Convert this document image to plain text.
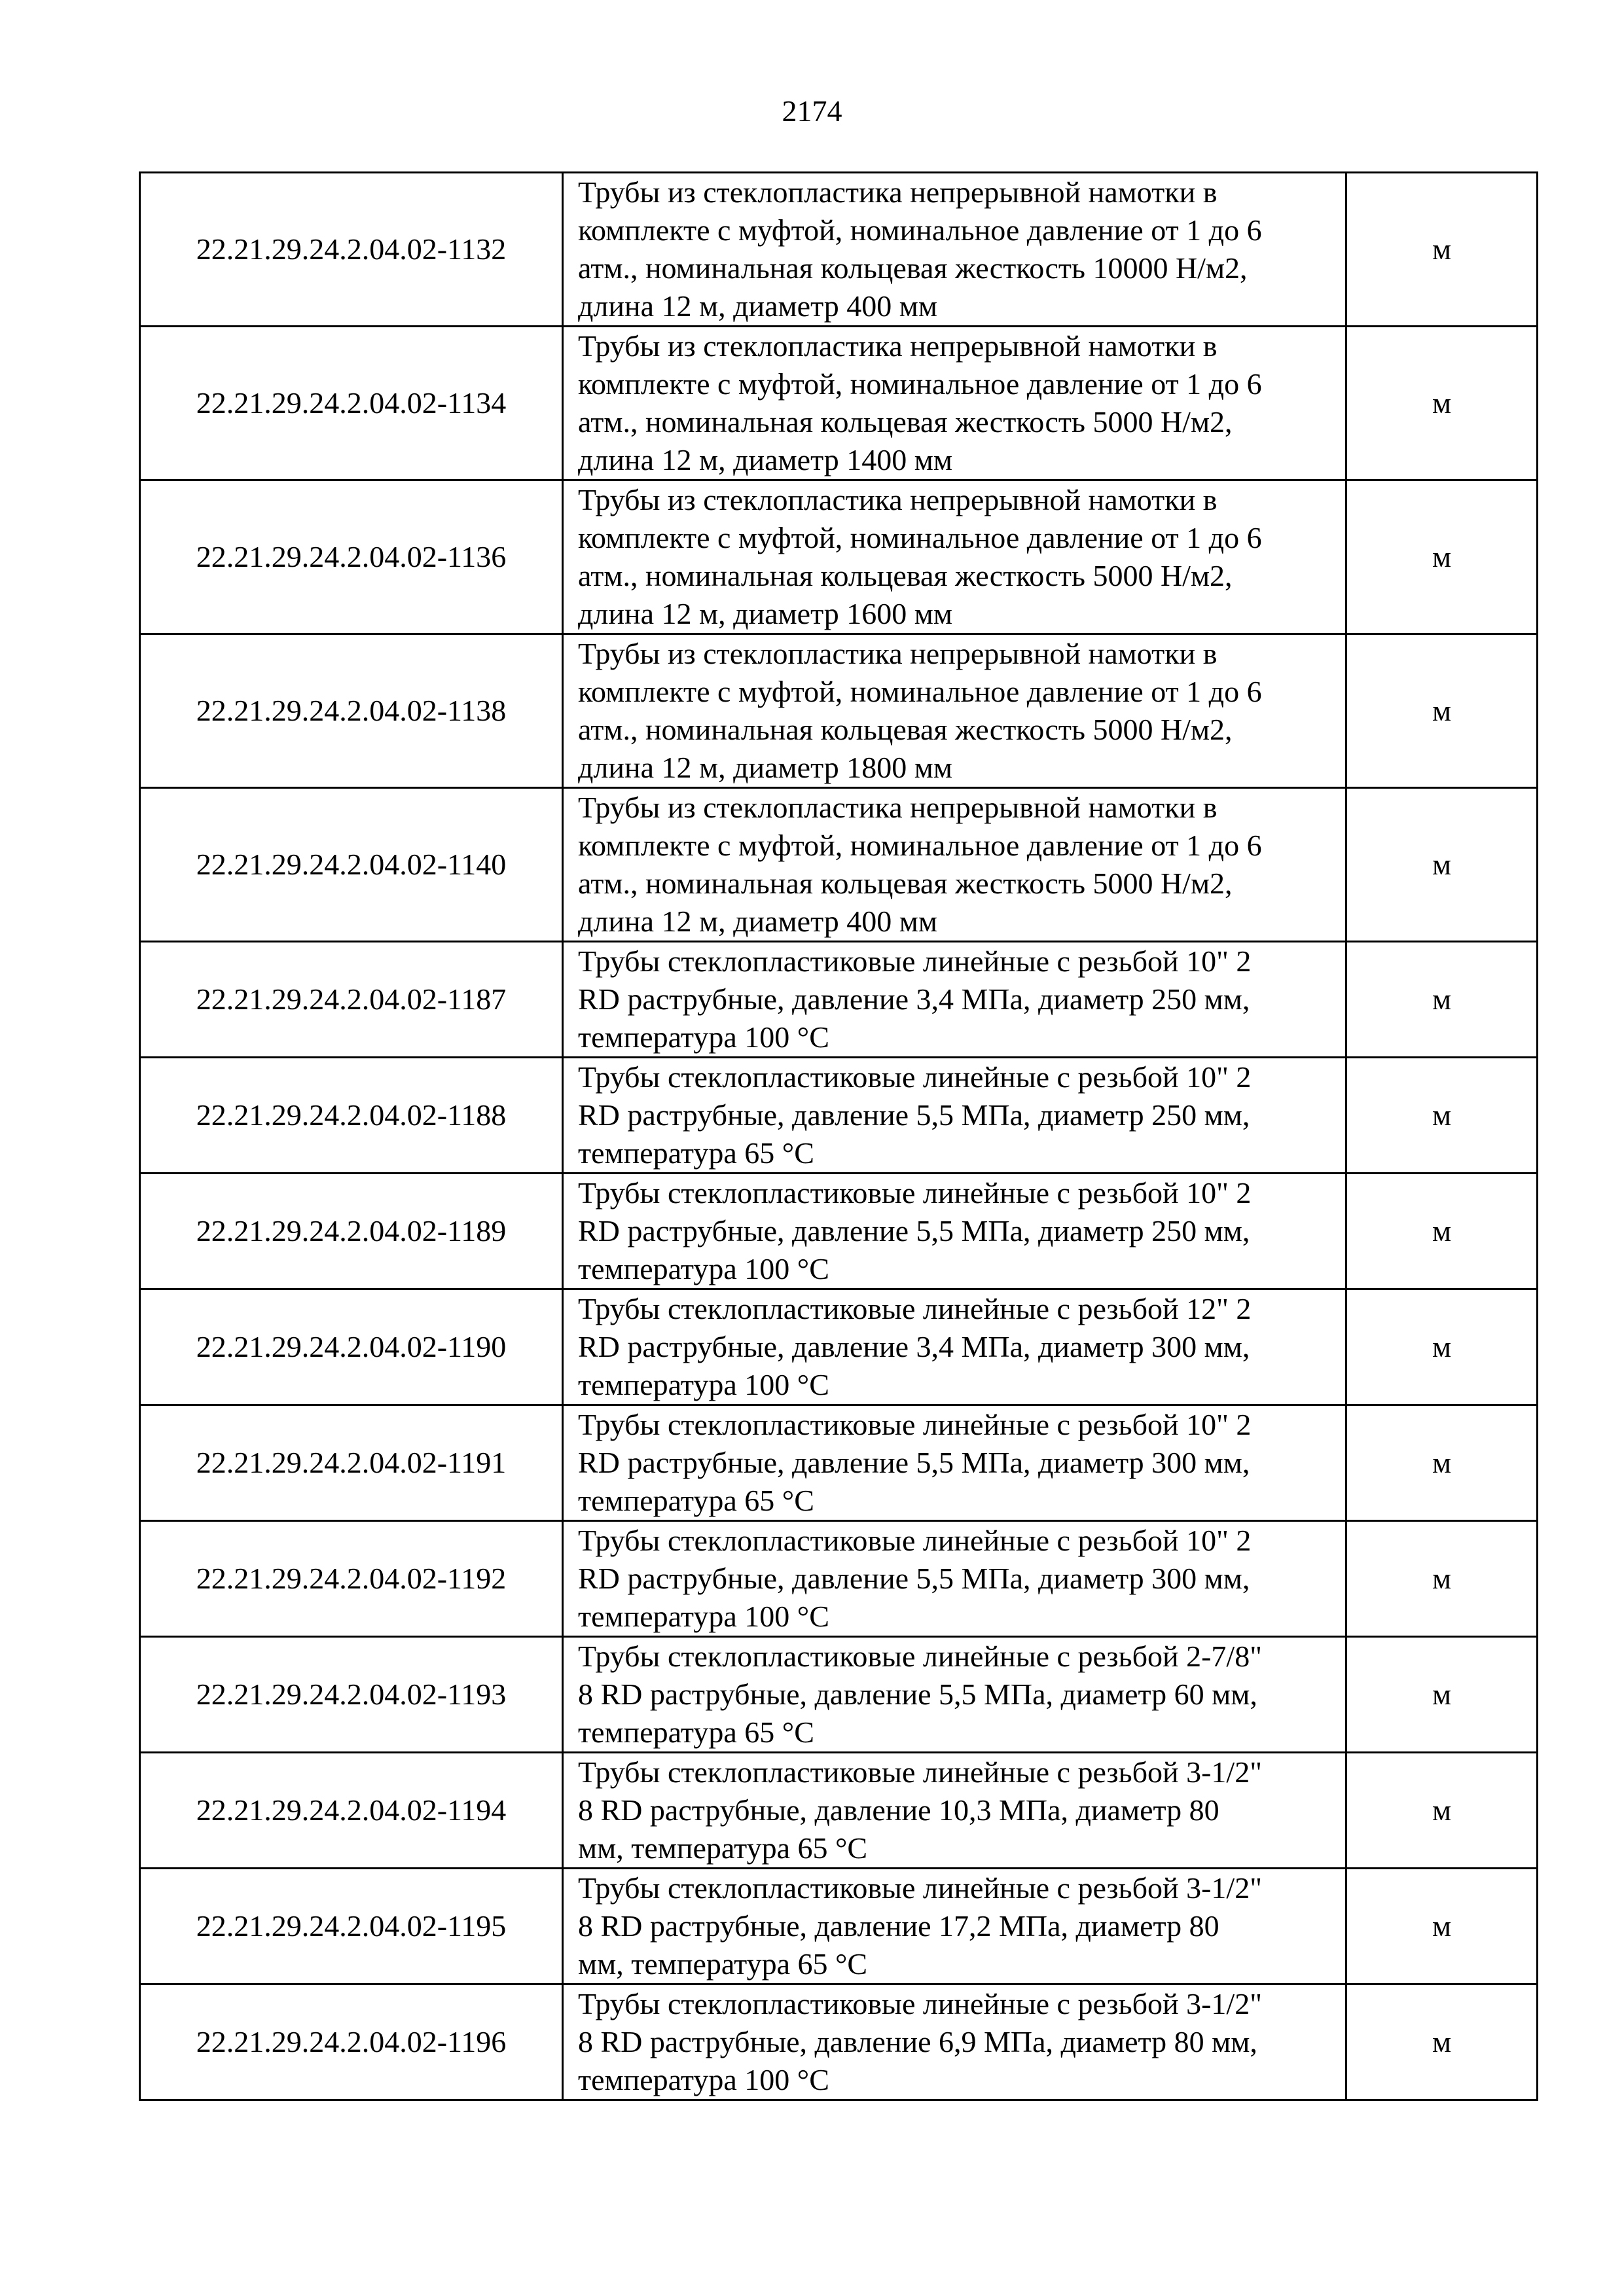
2174
22.21.29.24.2.04.02-1132	Трубы из стеклопластика непрерывной намотки в
комплекте с муфтой, номинальное давление от 1 до 6
атм., номинальная кольцевая жесткость 10000 Н/м2,
длина 12 м, диаметр 400 мм	м
22.21.29.24.2.04.02-1134	Трубы из стеклопластика непрерывной намотки в
комплекте с муфтой, номинальное давление от 1 до 6
атм., номинальная кольцевая жесткость 5000 Н/м2,
длина 12 м, диаметр 1400 мм	м
22.21.29.24.2.04.02-1136	Трубы из стеклопластика непрерывной намотки в
комплекте с муфтой, номинальное давление от 1 до 6
атм., номинальная кольцевая жесткость 5000 Н/м2,
длина 12 м, диаметр 1600 мм	м
22.21.29.24.2.04.02-1138	Трубы из стеклопластика непрерывной намотки в
комплекте с муфтой, номинальное давление от 1 до 6
атм., номинальная кольцевая жесткость 5000 Н/м2,
длина 12 м, диаметр 1800 мм	м
22.21.29.24.2.04.02-1140	Трубы из стеклопластика непрерывной намотки в
комплекте с муфтой, номинальное давление от 1 до 6
атм., номинальная кольцевая жесткость 5000 Н/м2,
длина 12 м, диаметр 400 мм	м
22.21.29.24.2.04.02-1187	Трубы стеклопластиковые линейные с резьбой 10" 2
RD раструбные, давление 3,4 МПа, диаметр 250 мм,
температура 100 °С	м
22.21.29.24.2.04.02-1188	Трубы стеклопластиковые линейные с резьбой 10" 2
RD раструбные, давление 5,5 МПа, диаметр 250 мм,
температура 65 °С	м
22.21.29.24.2.04.02-1189	Трубы стеклопластиковые линейные с резьбой 10" 2
RD раструбные, давление 5,5 МПа, диаметр 250 мм,
температура 100 °С	м
22.21.29.24.2.04.02-1190	Трубы стеклопластиковые линейные с резьбой 12" 2
RD раструбные, давление 3,4 МПа, диаметр 300 мм,
температура 100 °С	м
22.21.29.24.2.04.02-1191	Трубы стеклопластиковые линейные с резьбой 10" 2
RD раструбные, давление 5,5 МПа, диаметр 300 мм,
температура 65 °С	м
22.21.29.24.2.04.02-1192	Трубы стеклопластиковые линейные с резьбой 10" 2
RD раструбные, давление 5,5 МПа, диаметр 300 мм,
температура 100 °С	м
22.21.29.24.2.04.02-1193	Трубы стеклопластиковые линейные с резьбой 2-7/8"
8 RD раструбные, давление 5,5 МПа, диаметр 60 мм,
температура 65 °С	м
22.21.29.24.2.04.02-1194	Трубы стеклопластиковые линейные с резьбой 3-1/2"
8 RD раструбные, давление 10,3 МПа, диаметр 80
мм, температура 65 °С	м
22.21.29.24.2.04.02-1195	Трубы стеклопластиковые линейные с резьбой 3-1/2"
8 RD раструбные, давление 17,2 МПа, диаметр 80
мм, температура 65 °С	м
22.21.29.24.2.04.02-1196	Трубы стеклопластиковые линейные с резьбой 3-1/2"
8 RD раструбные, давление 6,9 МПа, диаметр 80 мм,
температура 100 °С	м
